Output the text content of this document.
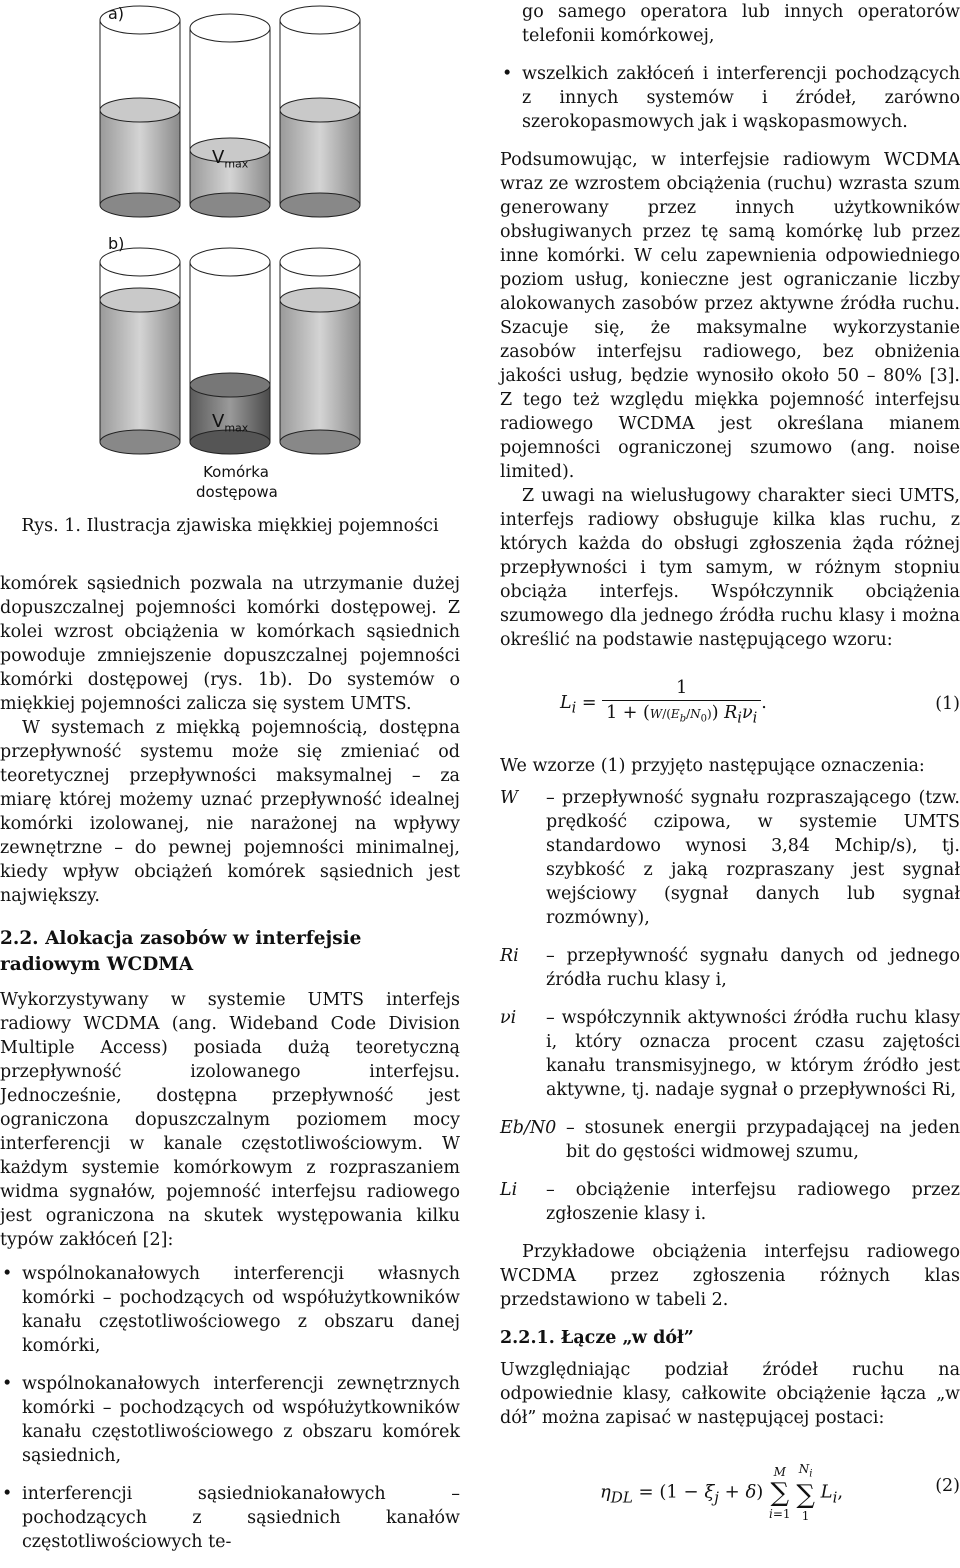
a)
b)
$V_{max}$
$V_{max}$
Komórka
dostępowa

Rys. 1. Ilustracja zjawiska miękkiej pojemności

komórek sąsiednich pozwala na utrzymanie dużej dopuszczalnej pojemności komórki dostępowej. Z kolei wzrost obciążenia w komórkach sąsiednich powoduje zmniejszenie dopuszczalnej pojemności komórki dostępowej (rys. 1b). Do systemów o miękkiej pojemności zalicza się system UMTS.

W systemach z miękką pojemnością, dostępna przepływność systemu może się zmieniać od teoretycznej przepływności maksymalnej – za miarę której możemy uznać przepływność idealnej komórki izolowanej, nie narażonej na wpływy zewnętrzne – do pewnej pojemności minimalnej, kiedy wpływ obciążeń komórek sąsiednich jest największy.

2.2. Alokacja zasobów w interfejsie radiowym WCDMA

Wykorzystywany w systemie UMTS interfejs radiowy WCDMA (ang. Wideband Code Division Multiple Access) posiada dużą teoretyczną przepływność izolowanego interfejsu. Jednocześnie, dostępna przepływność jest ograniczona dopuszczalnym poziomem mocy interferencji w kanale częstotliwościowym. W każdym systemie komórkowym z rozpraszaniem widma sygnałów, pojemność interfejsu radiowego jest ograniczona na skutek występowania kilku typów zakłóceń [2]:

• wspólnokanałowych interferencji własnych komórki – pochodzących od współużytkowników kanału częstotliwościowego z obszaru danej komórki,
• wspólnokanałowych interferencji zewnętrznych komórki – pochodzących od współużytkowników kanału częstotliwościowego z obszaru komórek sąsiednich,
• interferencji sąsiedniokanałowych – pochodzących z sąsiednich kanałów częstotliwościowych te-

go samego operatora lub innych operatorów telefonii komórkowej,

• wszelkich zakłóceń i interferencji pochodzących z innych systemów i źródeł, zarówno szerokopasmowych jak i wąskopasmowych.

Podsumowując, w interfejsie radiowym WCDMA wraz ze wzrostem obciążenia (ruchu) wzrasta szum generowany przez innych użytkowników obsługiwanych przez tę samą komórkę lub przez inne komórki. W celu zapewnienia odpowiedniego poziom usług, konieczne jest ograniczanie liczby alokowanych zasobów przez aktywne źródła ruchu. Szacuje się, że maksymalne wykorzystanie zasobów interfejsu radiowego, bez obniżenia jakości usług, będzie wynosiło około 50 – 80% [3]. Z tego też względu miękka pojemność interfejsu radiowego WCDMA jest określana mianem pojemności ograniczonej szumowo (ang. noise limited).

Z uwagi na wielusługowy charakter sieci UMTS, interfejs radiowy obsługuje kilka klas ruchu, z których każda do obsługi zgłoszenia żąda różnej przepływności i tym samym, w różnym stopniu obciąża interfejs. Współczynnik obciążenia szumowego dla jednego źródła ruchu klasy i można określić na podstawie następującego wzoru:

$L_i = \frac{1}{1 + (W/(E_b/N_0)) R_i\nu_i}$ .	(1)

We wzorze (1) przyjęto następujące oznaczenia:

W	– przepływność sygnału rozpraszającego (tzw. prędkość czipowa, w systemie UMTS standardowo wynosi 3,84 Mchip/s), tj. szybkość z jaką rozpraszany jest sygnał wejściowy (sygnał danych lub sygnał rozmówny),
Ri	– przepływność sygnału danych od jednego źródła ruchu klasy i,
νi	– współczynnik aktywności źródła ruchu klasy i, który oznacza procent czasu zajętości kanału transmisyjnego, w którym źródło jest aktywne, tj. nadaje sygnał o przepływności Ri,
Eb/N0 – stosunek energii przypadającej na jeden bit do gęstości widmowej szumu,
Li	– obciążenie interfejsu radiowego przez zgłoszenie klasy i.

Przykładowe obciążenia interfejsu radiowego WCDMA przez zgłoszenia różnych klas przedstawiono w tabeli 2.

2.2.1. Łącze „w dół”

Uwzględniając podział źródeł ruchu na odpowiednie klasy, całkowite obciążenie łącza „w dół” można zapisać w następującej postaci:

$\eta_{DL} = (1 - \xi_j + \delta)$ M
∑
i=1 $N_i$
∑
1 $L_i$,	(2)
